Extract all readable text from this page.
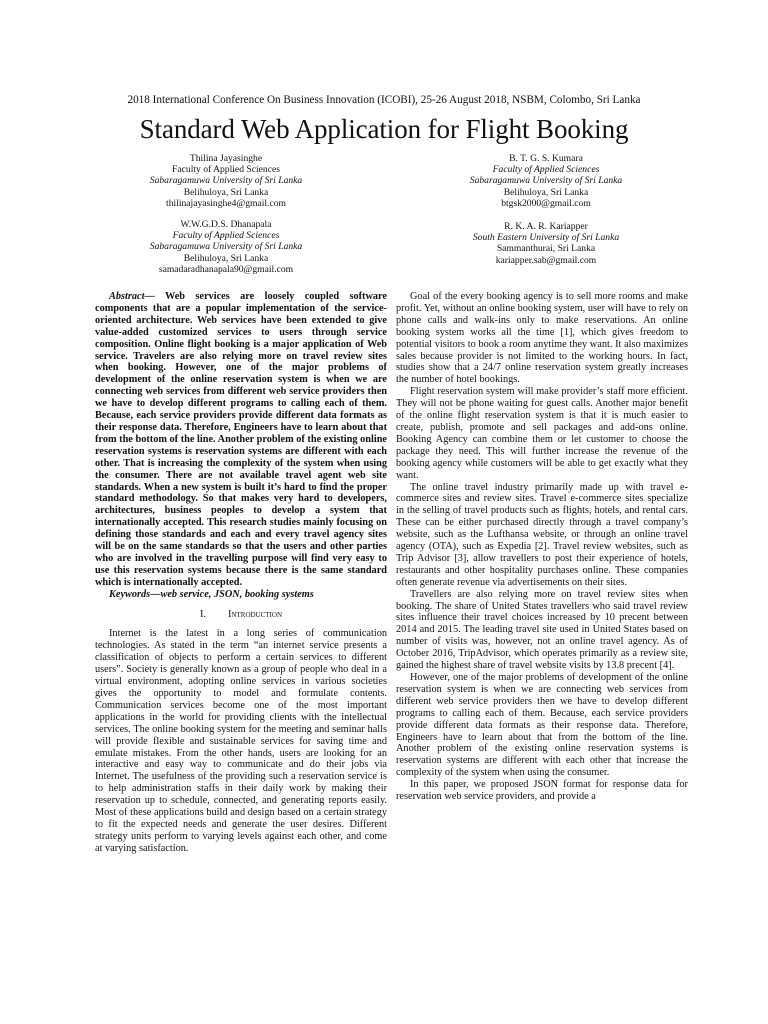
2018 International Conference On Business Innovation (ICOBI), 25-26 August 2018, NSBM, Colombo, Sri Lanka
Standard Web Application for Flight Booking
Thilina Jayasinghe
Faculty of Applied Sciences
Sabaragamuwa University of Sri Lanka
Belihuloya, Sri Lanka
thilinajayasinghe4@gmail.com
B. T. G. S. Kumara
Faculty of Applied Sciences
Sabaragamuwa University of Sri Lanka
Belihuloya, Sri Lanka
btgsk2000@gmail.com
W.W.G.D.S. Dhanapala
Faculty of Applied Sciences
Sabaragamuwa University of Sri Lanka
Belihuloya, Sri Lanka
samadaradhanapala90@gmail.com
R. K. A. R. Kariapper
South Eastern University of Sri Lanka
Sammanthurai, Sri Lanka
kariapper.sab@gmail.com

Abstract— Web services are loosely coupled software components that are a popular implementation of the service-oriented architecture. Web services have been extended to give value-added customized services to users through service composition. Online flight booking is a major application of Web service. Travelers are also relying more on travel review sites when booking. However, one of the major problems of development of the online reservation system is when we are connecting web services from different web service providers then we have to develop different programs to calling each of them. Because, each service providers provide different data formats as their response data. Therefore, Engineers have to learn about that from the bottom of the line. Another problem of the existing online reservation systems is reservation systems are different with each other. That is increasing the complexity of the system when using the consumer. There are not available travel agent web site standards. When a new system is built it’s hard to find the proper standard methodology. So that makes very hard to developers, architectures, business peoples to develop a system that internationally accepted. This research studies mainly focusing on defining those standards and each and every travel agency sites will be on the same standards so that the users and other parties who are involved in the travelling purpose will find very easy to use this reservation systems because there is the same standard which is internationally accepted.

Keywords—web service, JSON, booking systems

I. Introduction

Internet is the latest in a long series of communication technologies. As stated in the term “an internet service presents a classification of objects to perform a certain services to different users”. Society is generally known as a group of people who deal in a virtual environment, adopting online services in various societies gives the opportunity to model and formulate contents. Communication services become one of the most important applications in the world for providing clients with the intellectual services. The online booking system for the meeting and seminar halls will provide flexible and sustainable services for saving time and emulate mistakes. From the other hands, users are looking for an interactive and easy way to communicate and do their jobs via Internet. The usefulness of the providing such a reservation service is to help administration staffs in their daily work by making their reservation up to schedule, connected, and generating reports easily. Most of these applications build and design based on a certain strategy to fit the expected needs and generate the user desires. Different strategy units perform to varying levels against each other, and come at varying satisfaction.

Goal of the every booking agency is to sell more rooms and make profit. Yet, without an online booking system, user will have to rely on phone calls and walk-ins only to make reservations. An online booking system works all the time [1], which gives freedom to potential visitors to book a room anytime they want. It also maximizes sales because provider is not limited to the working hours. In fact, studies show that a 24/7 online reservation system greatly increases the number of hotel bookings.

Flight reservation system will make provider’s staff more efficient. They will not be phone waiting for guest calls. Another major benefit of the online flight reservation system is that it is much easier to create, publish, promote and sell packages and add-ons online. Booking Agency can combine them or let customer to choose the package they need. This will further increase the revenue of the booking agency while customers will be able to get exactly what they want.

The online travel industry primarily made up with travel e-commerce sites and review sites. Travel e-commerce sites specialize in the selling of travel products such as flights, hotels, and rental cars. These can be either purchased directly through a travel company’s website, such as the Lufthansa website, or through an online travel agency (OTA), such as Expedia [2]. Travel review websites, such as Trip Advisor [3], allow travellers to post their experience of hotels, restaurants and other hospitality purchases online. These companies often generate revenue via advertisements on their sites.

Travellers are also relying more on travel review sites when booking. The share of United States travellers who said travel review sites influence their travel choices increased by 10 precent between 2014 and 2015. The leading travel site used in United States based on number of visits was, however, not an online travel agency. As of October 2016, TripAdvisor, which operates primarily as a review site, gained the highest share of travel website visits by 13.8 precent [4].

However, one of the major problems of development of the online reservation system is when we are connecting web services from different web service providers then we have to develop different programs to calling each of them. Because, each service providers provide different data formats as their response data. Therefore, Engineers have to learn about that from the bottom of the line. Another problem of the existing online reservation systems is reservation systems are different with each other that increase the complexity of the system when using the consumer.

In this paper, we proposed JSON format for response data for reservation web service providers, and provide a
